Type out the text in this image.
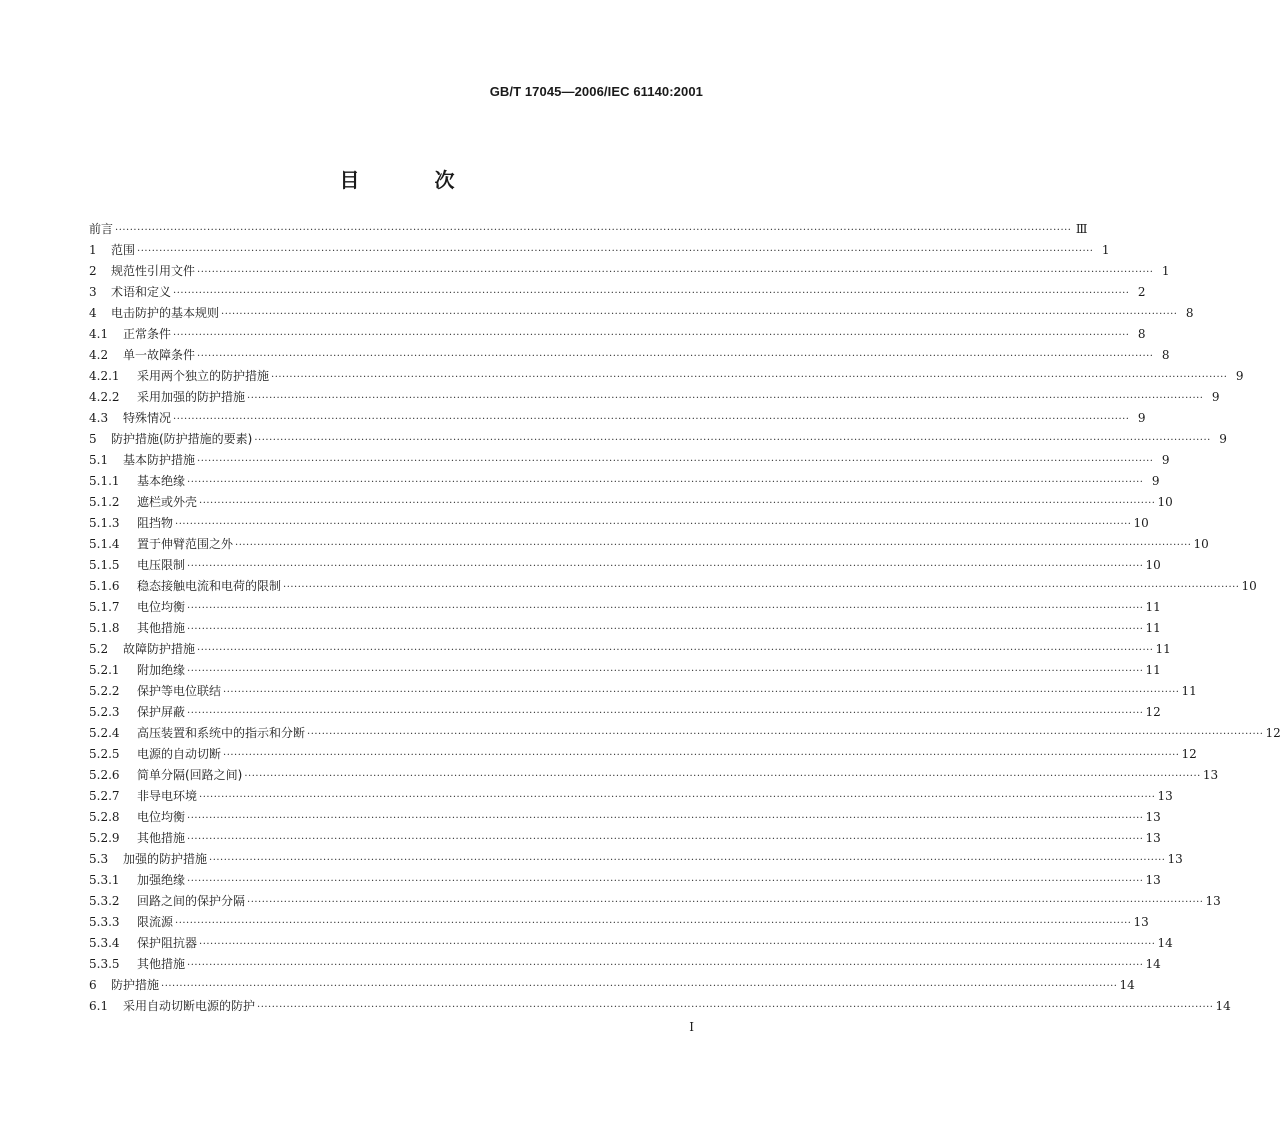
GB/T 17045—2006/IEC 61140:2001
目 次
前言 ···································································································································································································································································· Ⅲ
1	范围 ···································································································································································································································································· 1
2	规范性引用文件 ···································································································································································································································································· 1
3	术语和定义 ···································································································································································································································································· 2
4	电击防护的基本规则 ···································································································································································································································································· 8
4.1	正常条件 ···································································································································································································································································· 8
4.2	单一故障条件 ···································································································································································································································································· 8
4.2.1	采用两个独立的防护措施 ···································································································································································································································································· 9
4.2.2	采用加强的防护措施 ···································································································································································································································································· 9
4.3	特殊情况 ···································································································································································································································································· 9
5	防护措施(防护措施的要素) ···································································································································································································································································· 9
5.1	基本防护措施 ···································································································································································································································································· 9
5.1.1	基本绝缘 ···································································································································································································································································· 9
5.1.2	遮栏或外壳 ···································································································································································································································································· 10
5.1.3	阻挡物 ···································································································································································································································································· 10
5.1.4	置于伸臂范围之外 ···································································································································································································································································· 10
5.1.5	电压限制 ···································································································································································································································································· 10
5.1.6	稳态接触电流和电荷的限制 ···································································································································································································································································· 10
5.1.7	电位均衡 ···································································································································································································································································· 11
5.1.8	其他措施 ···································································································································································································································································· 11
5.2	故障防护措施 ···································································································································································································································································· 11
5.2.1	附加绝缘 ···································································································································································································································································· 11
5.2.2	保护等电位联结 ···································································································································································································································································· 11
5.2.3	保护屏蔽 ···································································································································································································································································· 12
5.2.4	高压装置和系统中的指示和分断 ···································································································································································································································································· 12
5.2.5	电源的自动切断 ···································································································································································································································································· 12
5.2.6	简单分隔(回路之间) ···································································································································································································································································· 13
5.2.7	非导电环境 ···································································································································································································································································· 13
5.2.8	电位均衡 ···································································································································································································································································· 13
5.2.9	其他措施 ···································································································································································································································································· 13
5.3	加强的防护措施 ···································································································································································································································································· 13
5.3.1	加强绝缘 ···································································································································································································································································· 13
5.3.2	回路之间的保护分隔 ···································································································································································································································································· 13
5.3.3	限流源 ···································································································································································································································································· 13
5.3.4	保护阻抗器 ···································································································································································································································································· 14
5.3.5	其他措施 ···································································································································································································································································· 14
6	防护措施 ···································································································································································································································································· 14
6.1	采用自动切断电源的防护 ···································································································································································································································································· 14
Ⅰ
